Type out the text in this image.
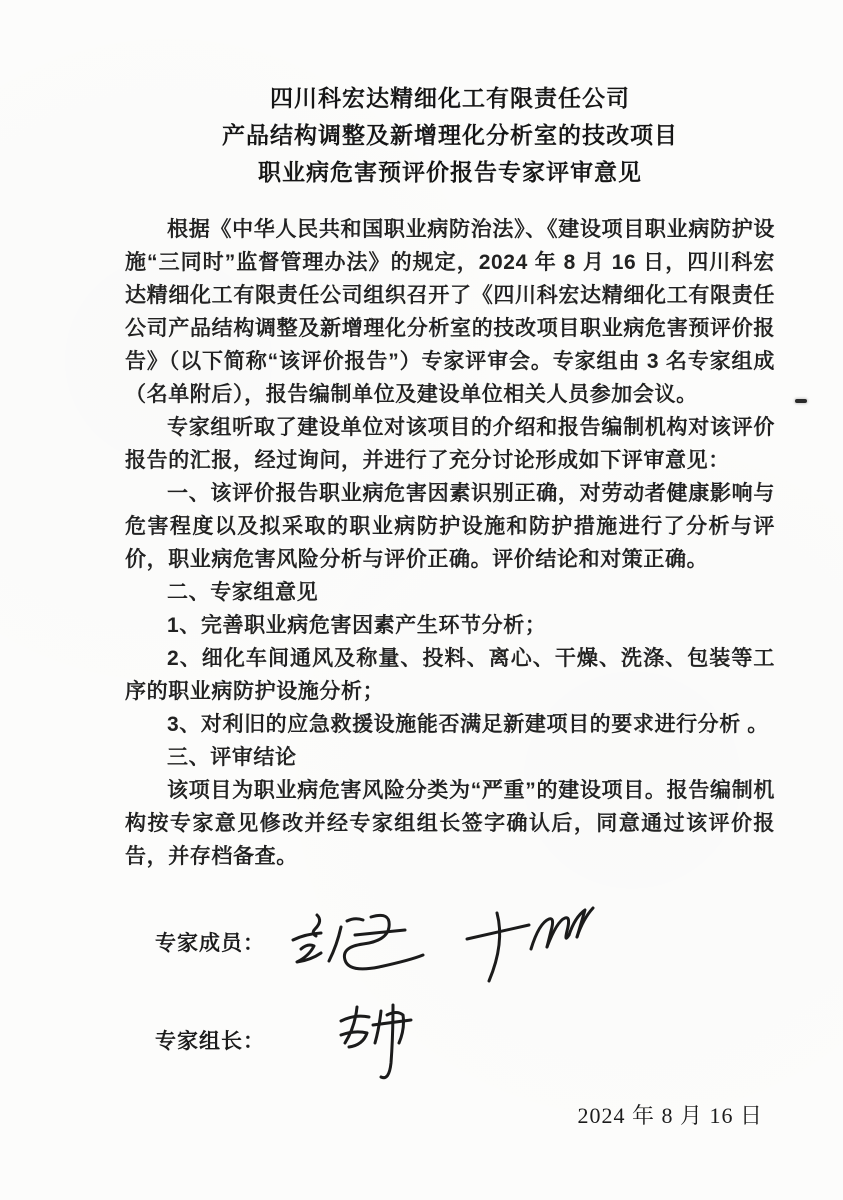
四川科宏达精细化工有限责任公司
产品结构调整及新增理化分析室的技改项目
职业病危害预评价报告专家评审意见

根据《中华人民共和国职业病防治法》、《建设项目职业病防护设施“三同时”监督管理办法》的规定，2024 年 8 月 16 日，四川科宏达精细化工有限责任公司组织召开了《四川科宏达精细化工有限责任公司产品结构调整及新增理化分析室的技改项目职业病危害预评价报告》（以下简称“该评价报告”）专家评审会。专家组由 3 名专家组成（名单附后），报告编制单位及建设单位相关人员参加会议。

专家组听取了建设单位对该项目的介绍和报告编制机构对该评价报告的汇报，经过询问，并进行了充分讨论形成如下评审意见：

一、该评价报告职业病危害因素识别正确，对劳动者健康影响与危害程度以及拟采取的职业病防护设施和防护措施进行了分析与评价，职业病危害风险分析与评价正确。评价结论和对策正确。

二、专家组意见

1、完善职业病危害因素产生环节分析；

2、细化车间通风及称量、投料、离心、干燥、洗涤、包装等工序的职业病防护设施分析；

3、对利旧的应急救援设施能否满足新建项目的要求进行分析 。

三、评审结论

该项目为职业病危害风险分类为“严重”的建设项目。报告编制机构按专家意见修改并经专家组组长签字确认后，同意通过该评价报告，并存档备查。

专家成员：
专家组长：
2024 年 8 月 16 日
